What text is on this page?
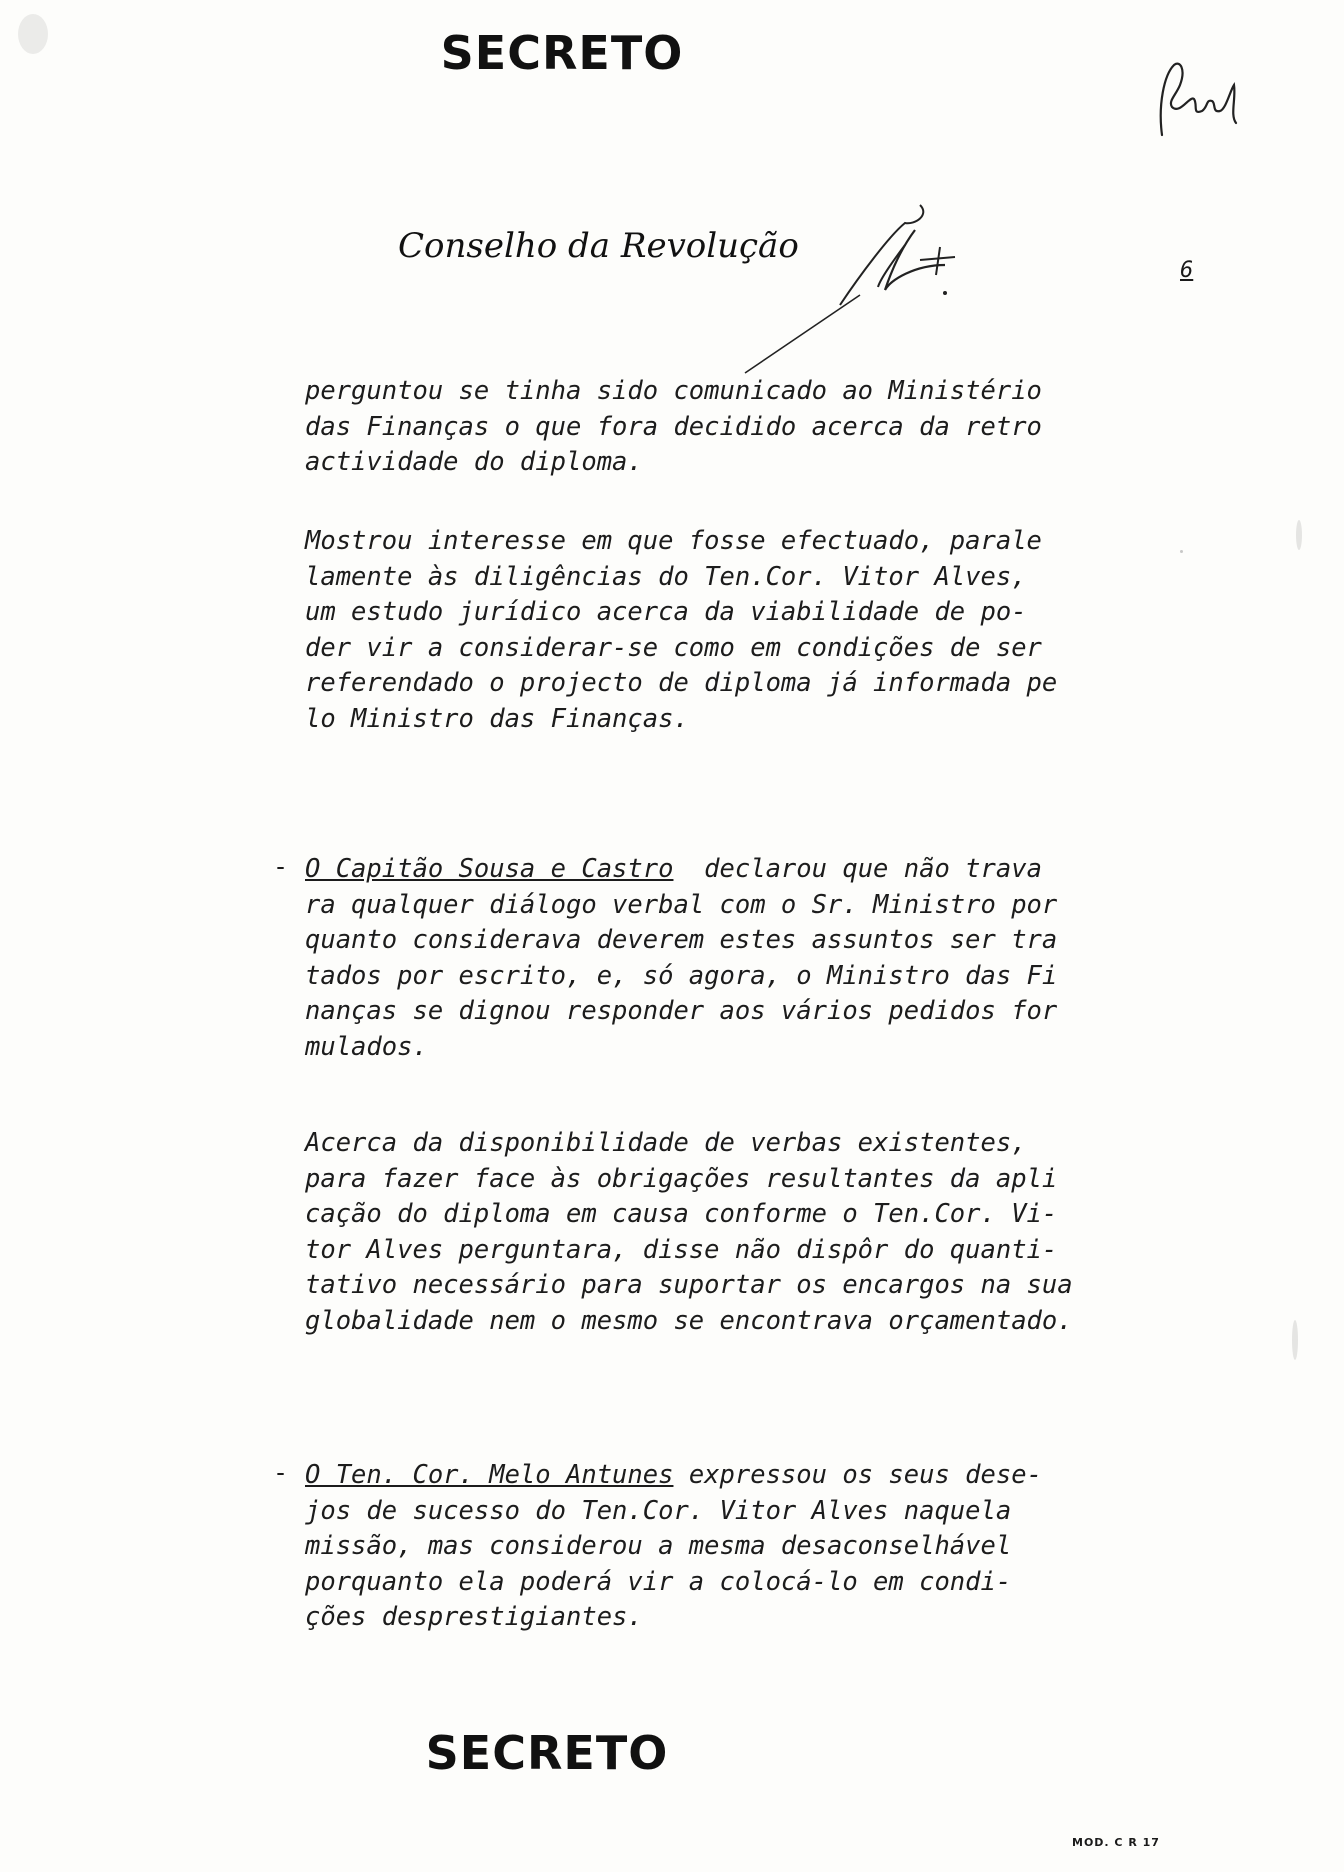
SECRETO
Conselho da Revolução
6
perguntou se tinha sido comunicado ao Ministério
das Finanças o que fora decidido acerca da retro
actividade do diploma.
Mostrou interesse em que fosse efectuado, parale
lamente às diligências do Ten.Cor. Vitor Alves,
um estudo jurídico acerca da viabilidade de po-
der vir a considerar-se como em condições de ser
referendado o projecto de diploma já informada pe
lo Ministro das Finanças.
- O Capitão Sousa e Castro  declarou que não trava
ra qualquer diálogo verbal com o Sr. Ministro por
quanto considerava deverem estes assuntos ser tra
tados por escrito, e, só agora, o Ministro das Fi
nanças se dignou responder aos vários pedidos for
mulados.
Acerca da disponibilidade de verbas existentes,
para fazer face às obrigações resultantes da apli
cação do diploma em causa conforme o Ten.Cor. Vi-
tor Alves perguntara, disse não dispôr do quanti-
tativo necessário para suportar os encargos na sua
globalidade nem o mesmo se encontrava orçamentado.
- O Ten. Cor. Melo Antunes expressou os seus dese-
jos de sucesso do Ten.Cor. Vitor Alves naquela
missão, mas considerou a mesma desaconselhável
porquanto ela poderá vir a colocá-lo em condi-
ções desprestigiantes.
SECRETO
MOD. C R 17
